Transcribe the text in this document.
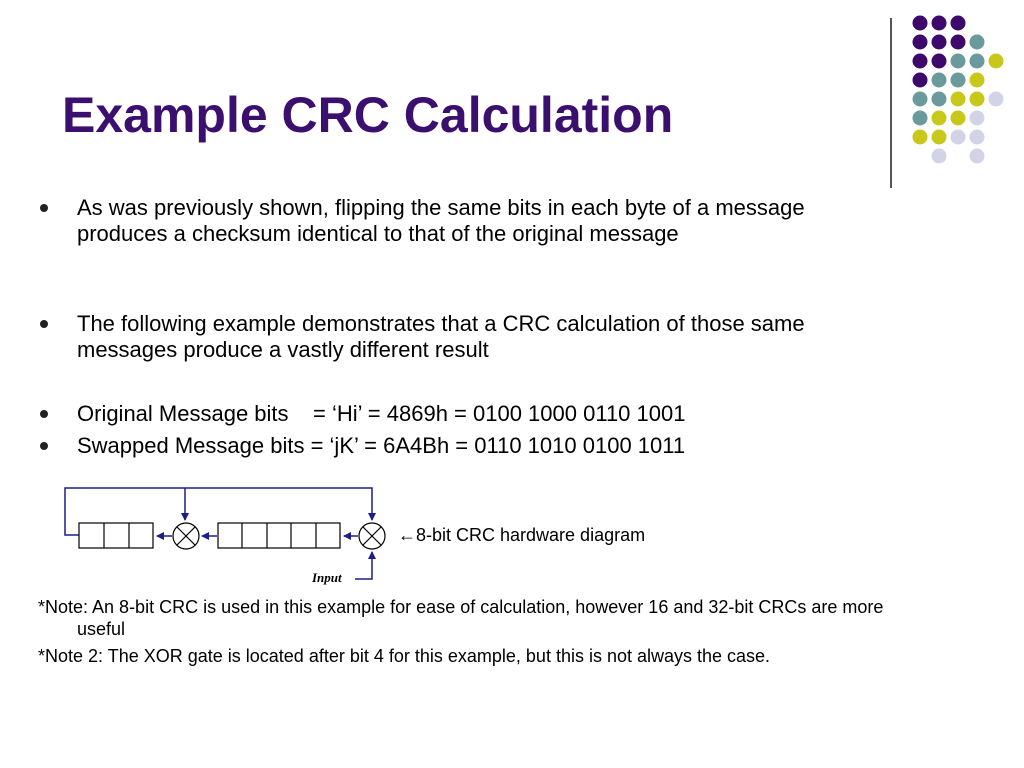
Example CRC Calculation
As was previously shown, flipping the same bits in each byte of a message produces a checksum identical to that of the original message
The following example demonstrates that a CRC calculation of those same messages produce a vastly different result
Original Message bits    = ‘Hi’ = 4869h = 0100 1000 0110 1001
Swapped Message bits = ‘jK’ = 6A4Bh = 0110 1010 0100 1011
Input
←8-bit CRC hardware diagram
*Note: An 8-bit CRC is used in this example for ease of calculation, however 16 and 32-bit CRCs are more useful
*Note 2: The XOR gate is located after bit 4 for this example, but this is not always the case.
